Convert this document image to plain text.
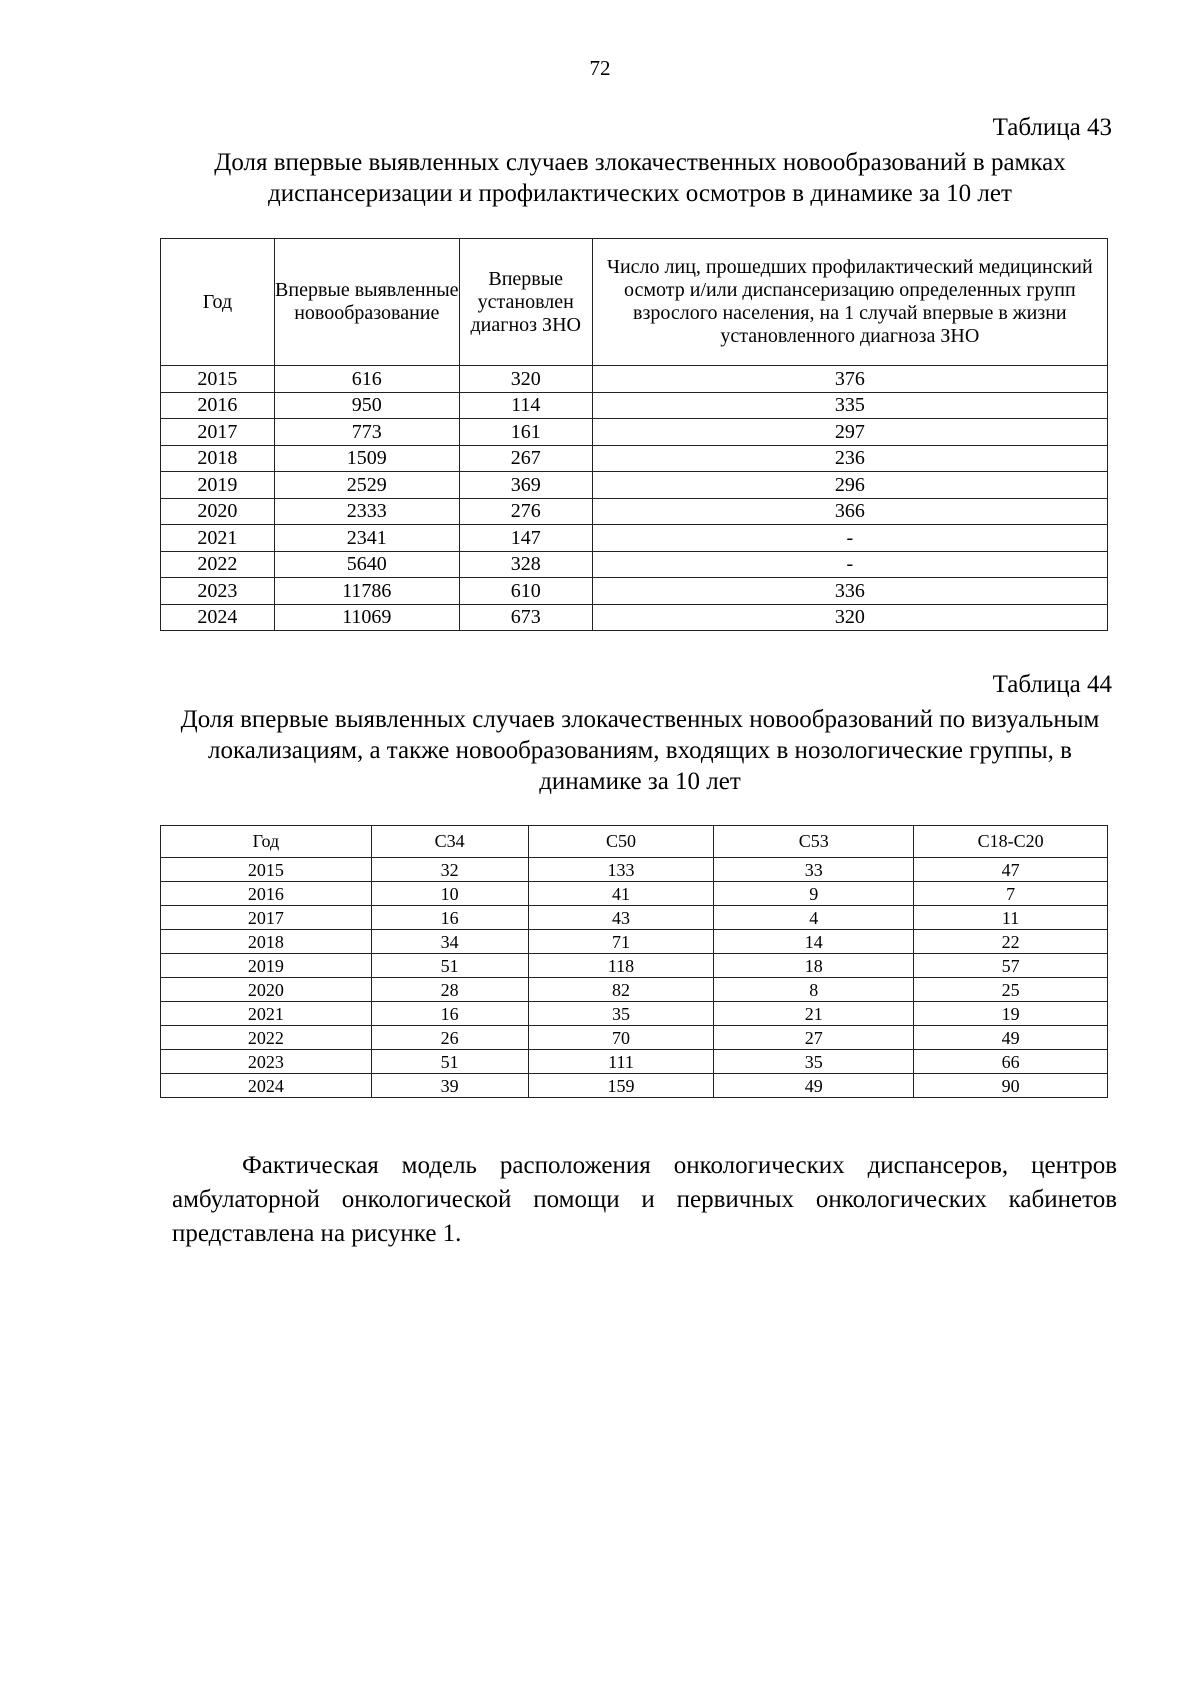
72
Таблица 43
Доля впервые выявленных случаев злокачественных новообразований в рамках диспансеризации и профилактических осмотров в динамике за 10 лет
Год	Впервые выявленные новообразование	Впервые установлен диагноз ЗНО	Число лиц, прошедших профилактический медицинский осмотр и/или диспансеризацию определенных групп взрослого населения, на 1 случай впервые в жизни установленного диагноза ЗНО
2015	616	320	376
2016	950	114	335
2017	773	161	297
2018	1509	267	236
2019	2529	369	296
2020	2333	276	366
2021	2341	147	-
2022	5640	328	-
2023	11786	610	336
2024	11069	673	320
Таблица 44
Доля впервые выявленных случаев злокачественных новообразований по визуальным локализациям, а также новообразованиям, входящих в нозологические группы, в динамике за 10 лет
Год	С34	С50	С53	С18-С20
2015	32	133	33	47
2016	10	41	9	7
2017	16	43	4	11
2018	34	71	14	22
2019	51	118	18	57
2020	28	82	8	25
2021	16	35	21	19
2022	26	70	27	49
2023	51	111	35	66
2024	39	159	49	90

Фактическая модель расположения онкологических диспансеров, центров амбулаторной онкологической помощи и первичных онкологических кабинетов представлена на рисунке 1.
